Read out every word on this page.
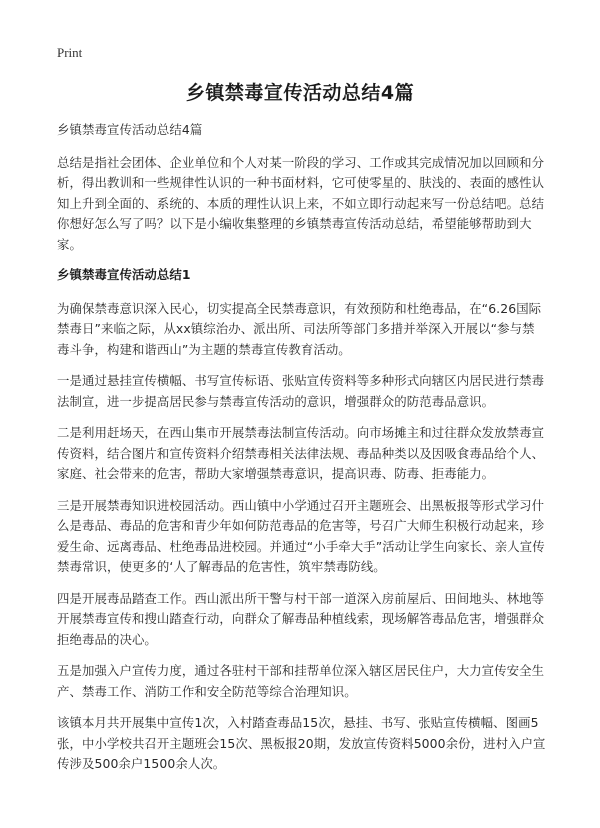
Print
乡镇禁毒宣传活动总结4篇

乡镇禁毒宣传活动总结4篇

总结是指社会团体、企业单位和个人对某一阶段的学习、工作或其完成情况加以回顾和分析，得出教训和一些规律性认识的一种书面材料，它可使零星的、肤浅的、表面的感性认知上升到全面的、系统的、本质的理性认识上来，不如立即行动起来写一份总结吧。总结你想好怎么写了吗？以下是小编收集整理的乡镇禁毒宣传活动总结，希望能够帮助到大家。

乡镇禁毒宣传活动总结1

为确保禁毒意识深入民心，切实提高全民禁毒意识，有效预防和杜绝毒品，在“6.26国际禁毒日”来临之际，从xx镇综治办、派出所、司法所等部门多措并举深入开展以“参与禁毒斗争，构建和谐西山”为主题的禁毒宣传教育活动。

一是通过悬挂宣传横幅、书写宣传标语、张贴宣传资料等多种形式向辖区内居民进行禁毒法制宣，进一步提高居民参与禁毒宣传活动的意识，增强群众的防范毒品意识。

二是利用赶场天，在西山集市开展禁毒法制宣传活动。向市场摊主和过往群众发放禁毒宣传资料，结合图片和宣传资料介绍禁毒相关法律法规、毒品种类以及因吸食毒品给个人、家庭、社会带来的危害，帮助大家增强禁毒意识，提高识毒、防毒、拒毒能力。

三是开展禁毒知识进校园活动。西山镇中小学通过召开主题班会、出黑板报等形式学习什么是毒品、毒品的危害和青少年如何防范毒品的危害等，号召广大师生积极行动起来，珍爱生命、远离毒品、杜绝毒品进校园。并通过“小手牵大手”活动让学生向家长、亲人宣传禁毒常识，使更多的‘人了解毒品的危害性，筑牢禁毒防线。

四是开展毒品踏查工作。西山派出所干警与村干部一道深入房前屋后、田间地头、林地等开展禁毒宣传和搜山踏查行动，向群众了解毒品种植线索，现场解答毒品危害，增强群众拒绝毒品的决心。

五是加强入户宣传力度，通过各驻村干部和挂帮单位深入辖区居民住户，大力宣传安全生产、禁毒工作、消防工作和安全防范等综合治理知识。

该镇本月共开展集中宣传1次，入村踏查毒品15次，悬挂、书写、张贴宣传横幅、图画5张，中小学校共召开主题班会15次、黑板报20期，发放宣传资料5000余份，进村入户宣传涉及500余户1500余人次。
